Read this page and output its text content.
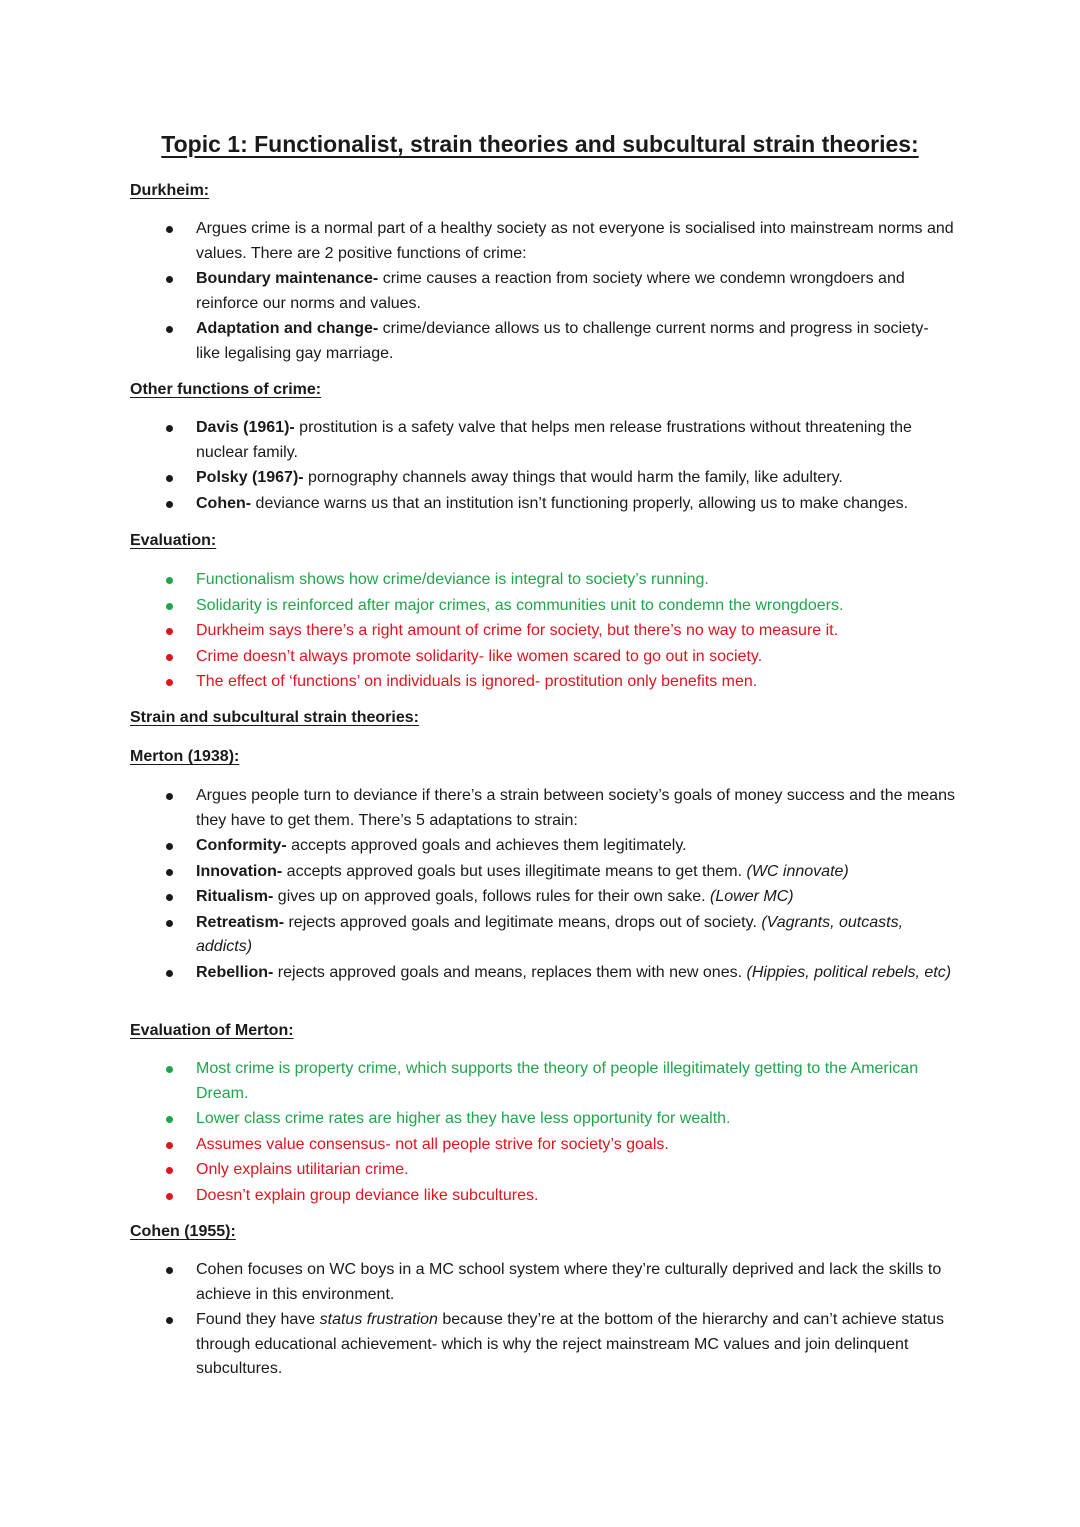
Topic 1: Functionalist, strain theories and subcultural strain theories:
Durkheim:
Argues crime is a normal part of a healthy society as not everyone is socialised into mainstream norms and values. There are 2 positive functions of crime:
Boundary maintenance- crime causes a reaction from society where we condemn wrongdoers and reinforce our norms and values.
Adaptation and change- crime/deviance allows us to challenge current norms and progress in society- like legalising gay marriage.
Other functions of crime:
Davis (1961)- prostitution is a safety valve that helps men release frustrations without threatening the nuclear family.
Polsky (1967)- pornography channels away things that would harm the family, like adultery.
Cohen- deviance warns us that an institution isn’t functioning properly, allowing us to make changes.
Evaluation:
Functionalism shows how crime/deviance is integral to society’s running.
Solidarity is reinforced after major crimes, as communities unit to condemn the wrongdoers.
Durkheim says there’s a right amount of crime for society, but there’s no way to measure it.
Crime doesn’t always promote solidarity- like women scared to go out in society.
The effect of ‘functions’ on individuals is ignored- prostitution only benefits men.
Strain and subcultural strain theories:
Merton (1938):
Argues people turn to deviance if there’s a strain between society’s goals of money success and the means they have to get them. There’s 5 adaptations to strain:
Conformity- accepts approved goals and achieves them legitimately.
Innovation- accepts approved goals but uses illegitimate means to get them. (WC innovate)
Ritualism- gives up on approved goals, follows rules for their own sake. (Lower MC)
Retreatism- rejects approved goals and legitimate means, drops out of society. (Vagrants, outcasts, addicts)
Rebellion- rejects approved goals and means, replaces them with new ones. (Hippies, political rebels, etc)
Evaluation of Merton:
Most crime is property crime, which supports the theory of people illegitimately getting to the American Dream.
Lower class crime rates are higher as they have less opportunity for wealth.
Assumes value consensus- not all people strive for society’s goals.
Only explains utilitarian crime.
Doesn’t explain group deviance like subcultures.
Cohen (1955):
Cohen focuses on WC boys in a MC school system where they’re culturally deprived and lack the skills to achieve in this environment.
Found they have status frustration because they’re at the bottom of the hierarchy and can’t achieve status through educational achievement- which is why the reject mainstream MC values and join delinquent subcultures.
